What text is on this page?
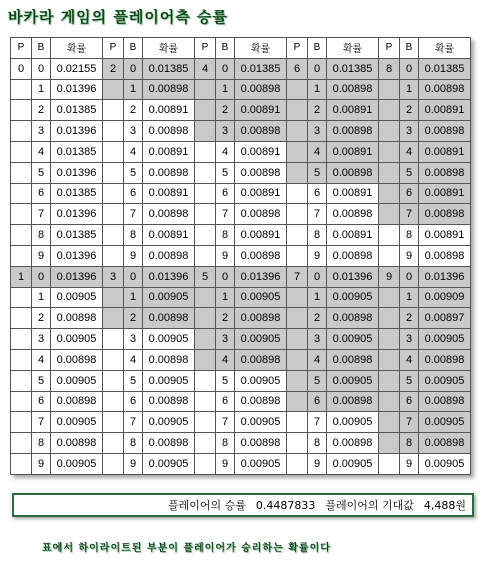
바카라 게임의 플레이어측 승률
P	B	확률	P	B	확률	P	B	확률	P	B	확률	P	B	확률
0	0	0.02155	2	0	0.01385	4	0	0.01385	6	0	0.01385	8	0	0.01385
	1	0.01396		1	0.00898		1	0.00898		1	0.00898		1	0.00898
	2	0.01385		2	0.00891		2	0.00891		2	0.00891		2	0.00891
	3	0.01396		3	0.00898		3	0.00898		3	0.00898		3	0.00898
	4	0.01385		4	0.00891		4	0.00891		4	0.00891		4	0.00891
	5	0.01396		5	0.00898		5	0.00898		5	0.00898		5	0.00898
	6	0.01385		6	0.00891		6	0.00891		6	0.00891		6	0.00891
	7	0.01396		7	0.00898		7	0.00898		7	0.00898		7	0.00898
	8	0.01385		8	0.00891		8	0.00891		8	0.00891		8	0.00891
	9	0.01396		9	0.00898		9	0.00898		9	0.00898		9	0.00898
1	0	0.01396	3	0	0.01396	5	0	0.01396	7	0	0.01396	9	0	0.01396
	1	0.00905		1	0.00905		1	0.00905		1	0.00905		1	0.00909
	2	0.00898		2	0.00898		2	0.00898		2	0.00898		2	0.00897
	3	0.00905		3	0.00905		3	0.00905		3	0.00905		3	0.00905
	4	0.00898		4	0.00898		4	0.00898		4	0.00898		4	0.00898
	5	0.00905		5	0.00905		5	0.00905		5	0.00905		5	0.00905
	6	0.00898		6	0.00898		6	0.00898		6	0.00898		6	0.00898
	7	0.00905		7	0.00905		7	0.00905		7	0.00905		7	0.00905
	8	0.00898		8	0.00898		8	0.00898		8	0.00898		8	0.00898
	9	0.00905		9	0.00905		9	0.00905		9	0.00905		9	0.00905
플레이어의 승률 0.4487833 플레이어의 기대값 4,488원
표에서 하이라이트된 부분이 플레이어가 승리하는 확률이다
